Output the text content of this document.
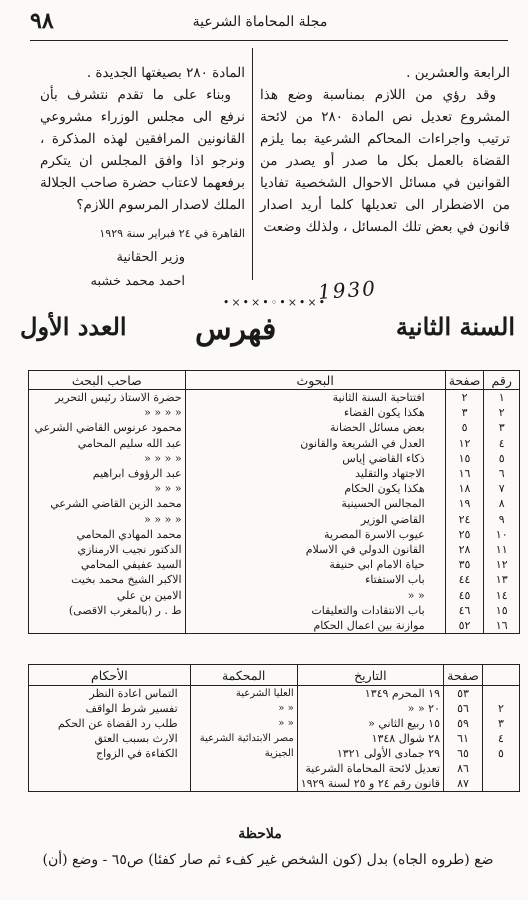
٩٨	مجلة المحاماة الشرعية

الرابعة والعشرين .

وقد رؤي من اللازم بمناسبة وضع هذا المشروع تعديل نص المادة ٢٨٠ من لائحة ترتيب واجراءات المحاكم الشرعية بما يلزم القضاة بالعمل بكل ما صدر أو يصدر من القوانين في مسائل الاحوال الشخصية تفاديا من الاضطرار الى تعديلها كلما أريد اصدار قانون في بعض تلك المسائل ، ولذلك وضعت

المادة ٢٨٠ بصيغتها الجديدة .

وبناء على ما تقدم نتشرف بأن نرفع الى مجلس الوزراء مشروعي القانونين المرافقين لهذه المذكرة ، ونرجو اذا وافق المجلس ان يتكرم برفعهما لاعتاب حضرة صاحب الجلالة الملك لاصدار المرسوم اللازم؟

القاهرة في ٢٤ فبراير سنة ١٩٢٩
وزير الحقانية
احمد محمد خشبه	1930
•×•×•◦•×•×•
السنة الثانية
فهرس
العدد الأول
رقم	صفحة	البحوث	صاحب البحث
١	٢	افتتاحية السنة الثانية	حضرة الاستاذ رئيس التحرير
٢	٣	هكذا يكون القضاء	« « « «
٣	٥	بعض مسائل الحضانة	محمود عرنوس القاضي الشرعي
٤	١٢	العدل في الشريعة والقانون	عبد الله سليم المحامي
٥	١٥	ذكاء القاضي إياس	« « « «
٦	١٦	الاجتهاد والتقليد	عبد الرؤوف ابراهيم
٧	١٨	هكذا يكون الحكام	« « «
٨	١٩	المجالس الحسينية	محمد الزين القاضي الشرعي
٩	٢٤	القاضي الوزير	« « « «
١٠	٢٥	عيوب الاسرة المصرية	محمد المهادي المحامي
١١	٢٨	القانون الدولي في الاسلام	الدكتور نجيب الارمنازي
١٢	٣٥	حياة الامام ابي حنيفة	السيد عفيفي المحامي
١٣	٤٤	باب الاستفتاء	الاكبر الشيخ محمد بخيت
١٤	٤٥	« «	الامين بن علي
١٥	٤٦	باب الانتقادات والتعليقات	ط . ر (بالمغرب الاقصى)
١٦	٥٢	موازنة بين اعمال الحكام	
	صفحة	التاريخ	المحكمة	الأحكام
	٥٣	١٩ المحرم ١٣٤٩	العليا الشرعية	التماس اعادة النظر
٢	٥٦	٢٠ « «	« «	تفسير شرط الواقف
٣	٥٩	١٥ ربيع الثاني «	« «	طلب رد القضاة عن الحكم
٤	٦١	٢٨ شوال ١٣٤٨	مصر الابتدائية الشرعية	الارث بسبب العتق
٥	٦٥	٢٩ جمادى الأولى ١٣٢١	الجيزية	الكفاءة في الزواج
	٨٦	تعديل لائحة المحاماة الشرعية		
	٨٧	قانون رقم ٢٤ و ٢٥ لسنة ١٩٢٩		
ملاحظة
ضع (طروه الجاه) بدل (كون الشخص غير كفء ثم صار كفئا) ص٦٥ - وضع (أن)
